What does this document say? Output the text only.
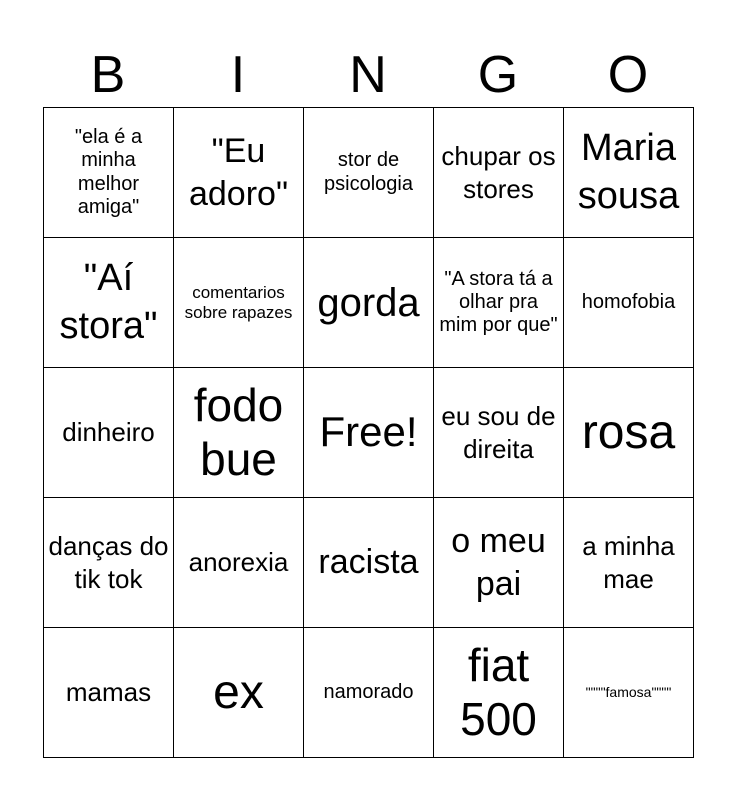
B	I	N	G	O
"ela é a minha melhor amiga"	"Eu adoro"	stor de psicologia	chupar os stores	Maria sousa
"Aí stora"	comentarios sobre rapazes	gorda	"A stora tá a olhar pra mim por que"	homofobia
dinheiro	fodo bue	Free!	eu sou de direita	rosa
danças do tik tok	anorexia	racista	o meu pai	a minha mae
mamas	ex	namorado	fiat 500	""""famosa""""
